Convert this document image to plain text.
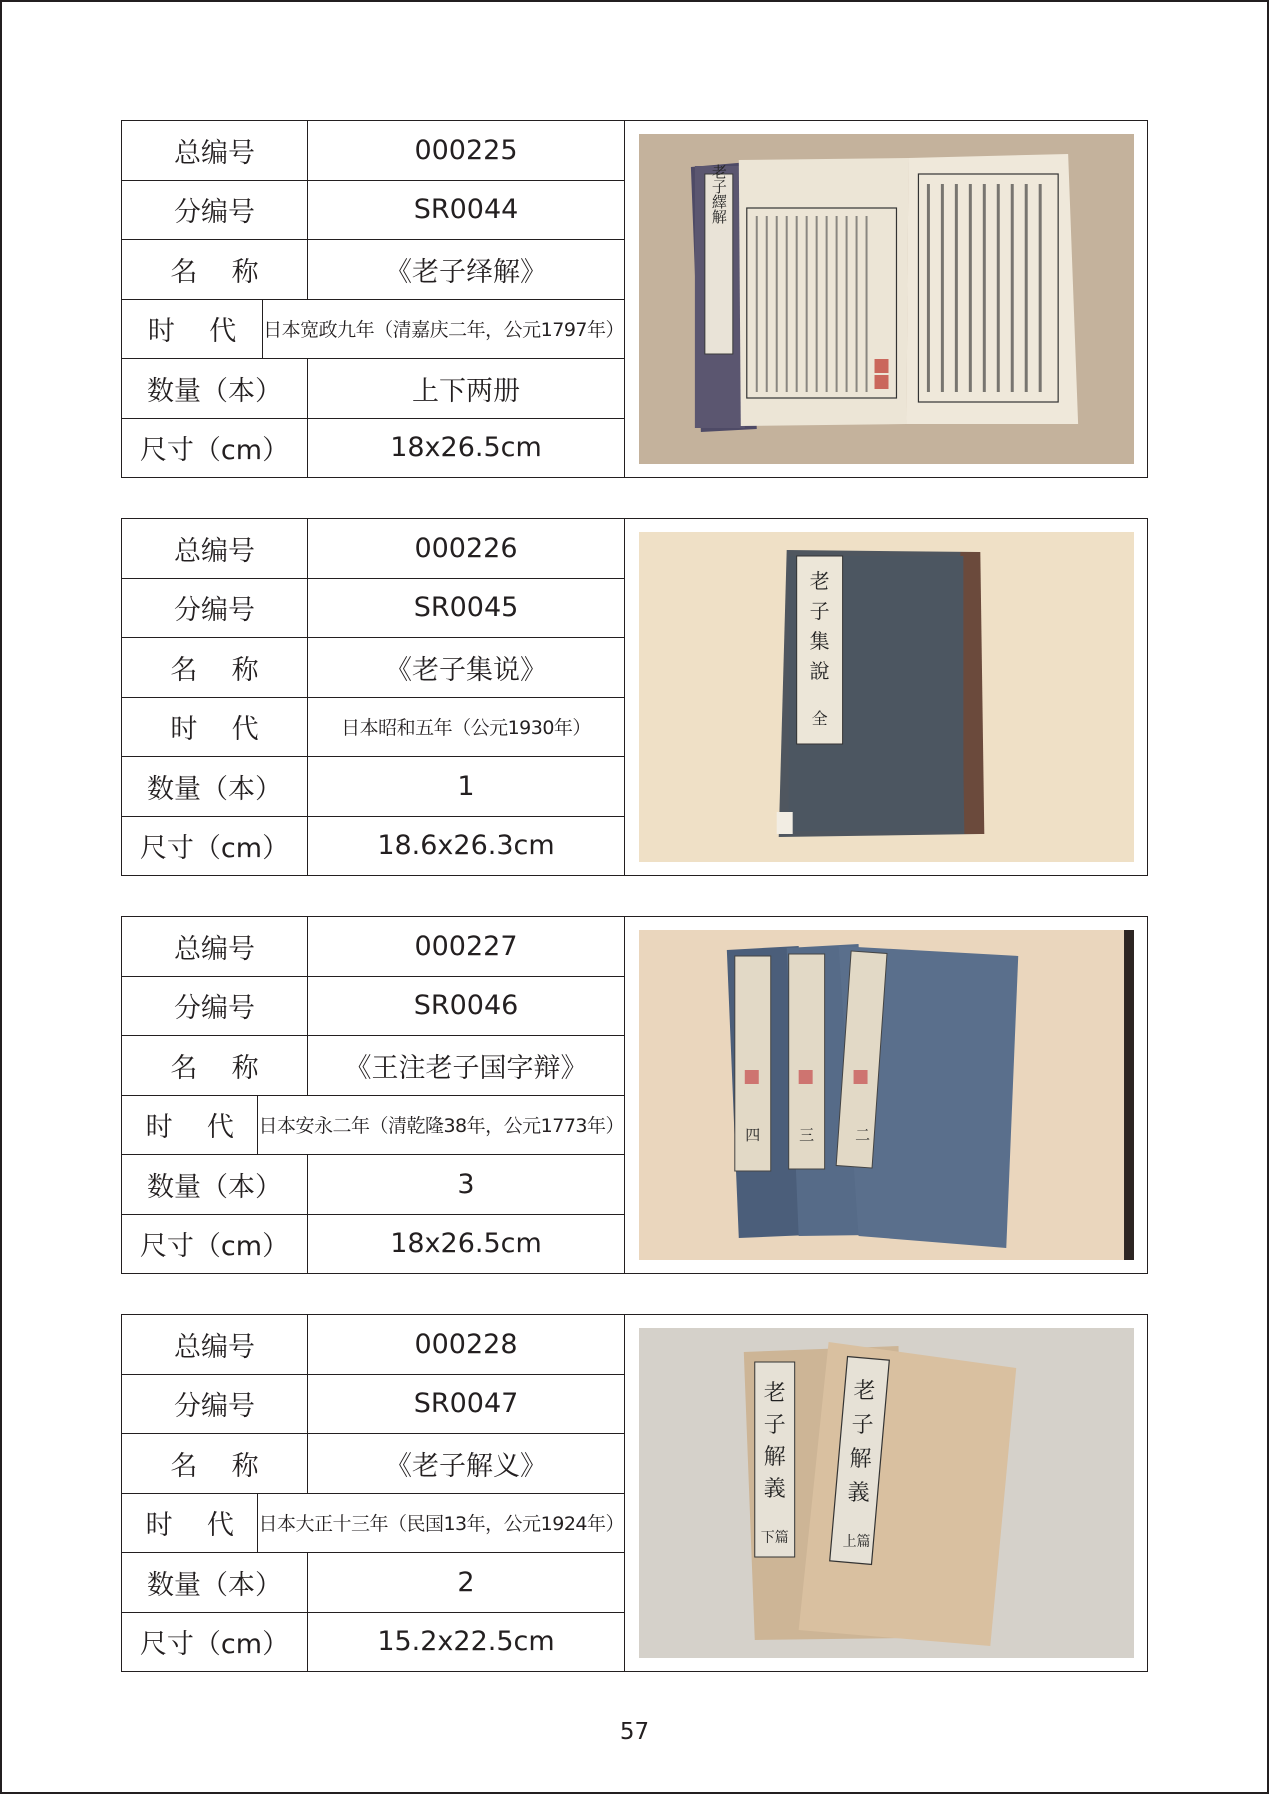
总编号	000225
分编号	SR0044
名    称	《老子绎解》
时    代	日本宽政九年（清嘉庆二年，公元1797年）
数量（本）	上下两册
尺寸（cm）	18x26.5cm
老子繹解
总编号	000226
分编号	SR0045
名    称	《老子集说》
时    代	日本昭和五年（公元1930年）
数量（本）	1
尺寸（cm）	18.6x26.3cm
老
子
集
說
全
总编号	000227
分编号	SR0046
名    称	《王注老子国字辩》
时    代	日本安永二年（清乾隆38年，公元1773年）
数量（本）	3
尺寸（cm）	18x26.5cm
四	三	二
总编号	000228
分编号	SR0047
名    称	《老子解义》
时    代	日本大正十三年（民国13年，公元1924年）
数量（本）	2
尺寸（cm）	15.2x22.5cm
老
子
解
義
老
子
解
義
下篇	上篇
57
